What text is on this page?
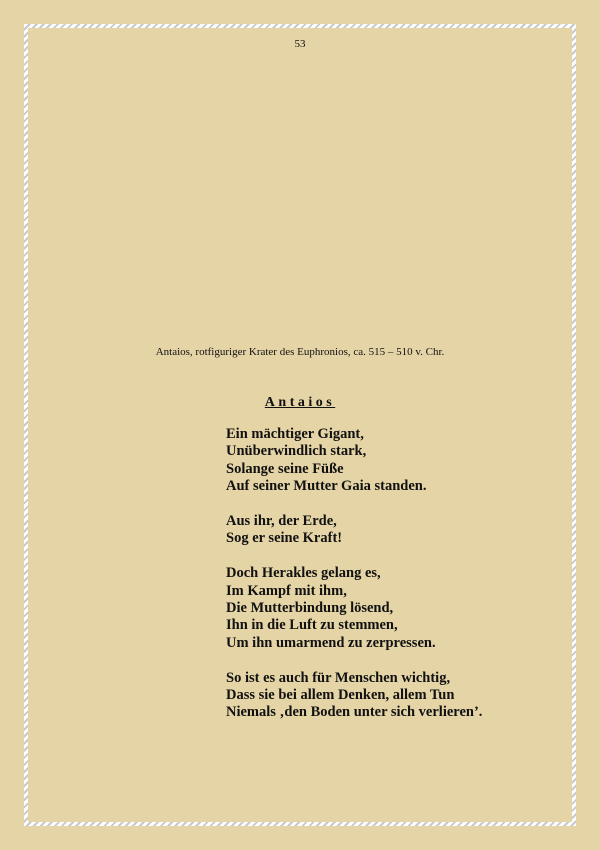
53
Antaios, rotfiguriger Krater des Euphronios, ca. 515 – 510 v. Chr.
Antaios
Ein mächtiger Gigant,
Unüberwindlich stark,
Solange seine Füße
Auf seiner Mutter Gaia standen.
Aus ihr, der Erde,
Sog er seine Kraft!
Doch Herakles gelang es,
Im Kampf mit ihm,
Die Mutterbindung lösend,
Ihn in die Luft zu stemmen,
Um ihn umarmend zu zerpressen.
So ist es auch für Menschen wichtig,
Dass sie bei allem Denken, allem Tun
Niemals ‚den Boden unter sich verlieren’.
